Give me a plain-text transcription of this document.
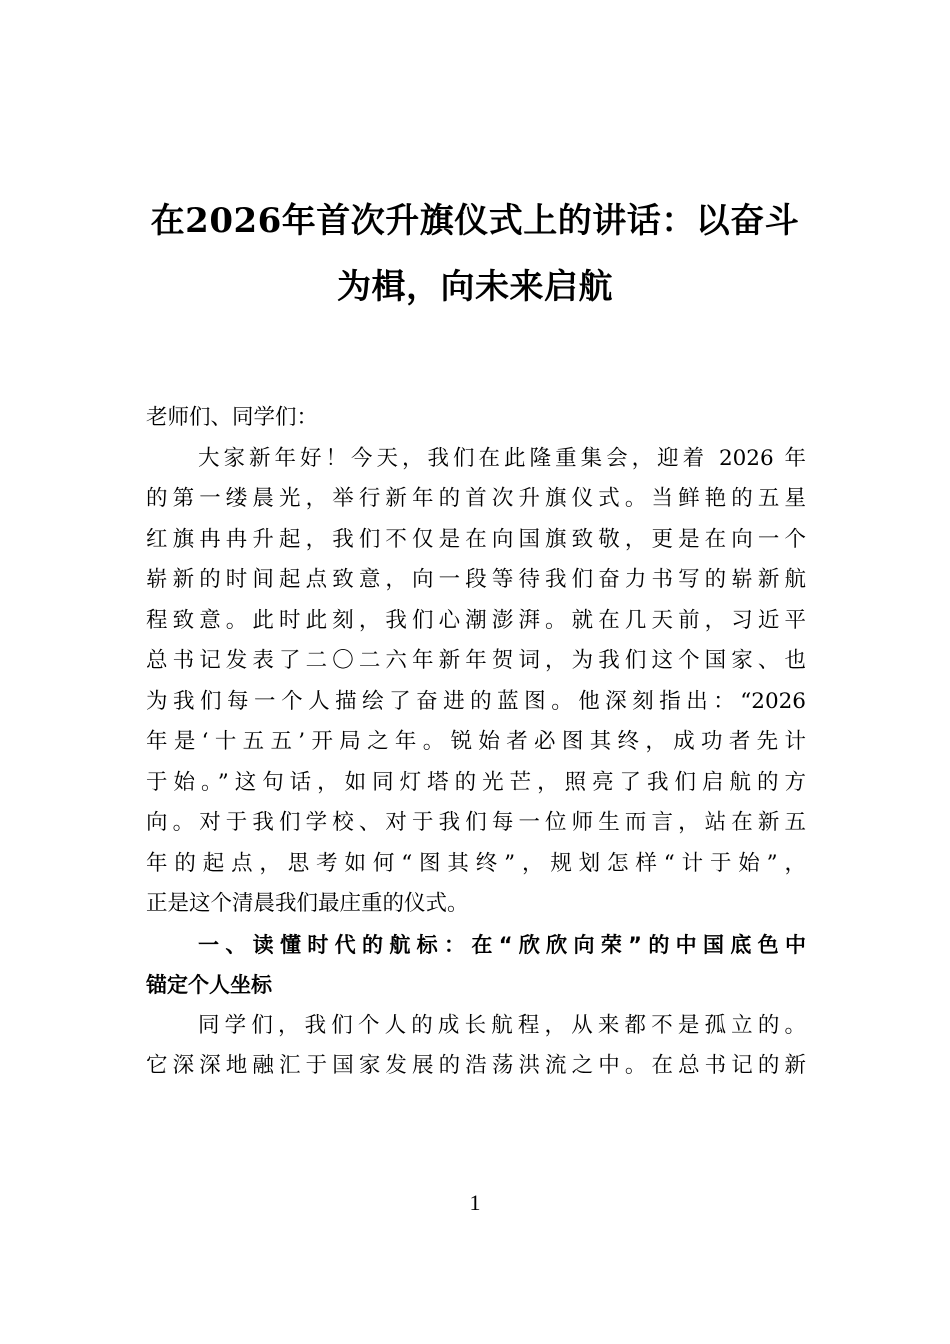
在2026年首次升旗仪式上的讲话：以奋斗
为楫，向未来启航
老师们、同学们：
大家新年好！今天，我们在此隆重集会，迎着 2026 年
的第一缕晨光，举行新年的首次升旗仪式。当鲜艳的五星
红旗冉冉升起，我们不仅是在向国旗致敬，更是在向一个
崭新的时间起点致意，向一段等待我们奋力书写的崭新航
程致意。此时此刻，我们心潮澎湃。就在几天前，习近平
总书记发表了二〇二六年新年贺词，为我们这个国家、也
为我们每一个人描绘了奋进的蓝图。他深刻指出：“2026
年是‘十五五’开局之年。锐始者必图其终，成功者先计
于始。”这句话，如同灯塔的光芒，照亮了我们启航的方
向。对于我们学校、对于我们每一位师生而言，站在新五
年的起点，思考如何“图其终”，规划怎样“计于始”，
正是这个清晨我们最庄重的仪式。
一、读懂时代的航标：在“欣欣向荣”的中国底色中
锚定个人坐标
同学们，我们个人的成长航程，从来都不是孤立的。
它深深地融汇于国家发展的浩荡洪流之中。在总书记的新
1
